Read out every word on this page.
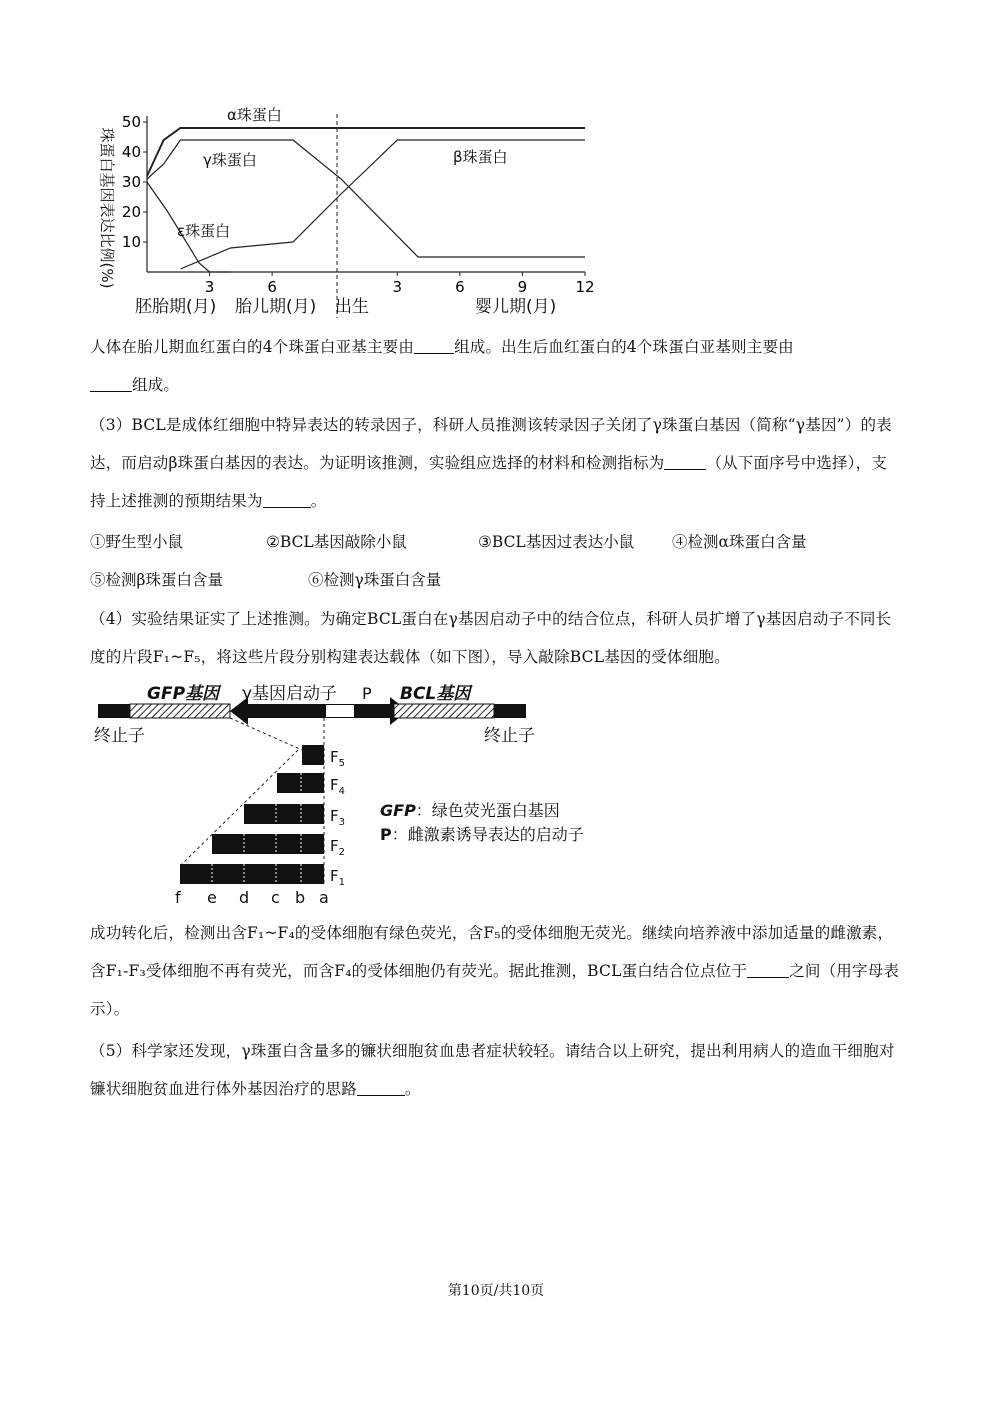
珠蛋白基因表达比例(%)
50
40
30
20
10
3	6	3	6	9	12
α珠蛋白
γ珠蛋白	β珠蛋白
ε珠蛋白
胚胎期(月) 胎儿期(月) 出生	婴儿期(月)
人体在胎儿期血红蛋白的4个珠蛋白亚基主要由	组成。出生后血红蛋白的4个珠蛋白亚基则主要由
组成。
（3）BCL是成体红细胞中特异表达的转录因子，科研人员推测该转录因子关闭了γ珠蛋白基因（简称“γ基因”）的表达，而启动β珠蛋白基因的表达。为证明该推测，实验组应选择的材料和检测指标为	（从下面序号中选择），支持上述推测的预期结果为	。
①野生型小鼠	②BCL基因敲除小鼠	③BCL基因过表达小鼠 ④检测α珠蛋白含量
⑤检测β珠蛋白含量	⑥检测γ珠蛋白含量
（4）实验结果证实了上述推测。为确定BCL蛋白在γ基因启动子中的结合位点，科研人员扩增了γ基因启动子不同长度的片段F₁~F₅，将这些片段分别构建表达载体（如下图），导入敲除BCL基因的受体细胞。
GFP基因 γ基因启动子 P BCL基因
终止子	终止子
$F_5$
$F_4$
$F_3$
$F_2$
$F_1$
f e d c b a
GFP：绿色荧光蛋白基因
P：雌激素诱导表达的启动子
成功转化后，检测出含F₁~F₄的受体细胞有绿色荧光，含F₅的受体细胞无荧光。继续向培养液中添加适量的雌激素，含F₁-F₃受体细胞不再有荧光，而含F₄的受体细胞仍有荧光。据此推测，BCL蛋白结合位点位于	之间（用字母表示）。
（5）科学家还发现，γ珠蛋白含量多的镰状细胞贫血患者症状较轻。请结合以上研究，提出利用病人的造血干细胞对镰状细胞贫血进行体外基因治疗的思路	。
第10页/共10页
